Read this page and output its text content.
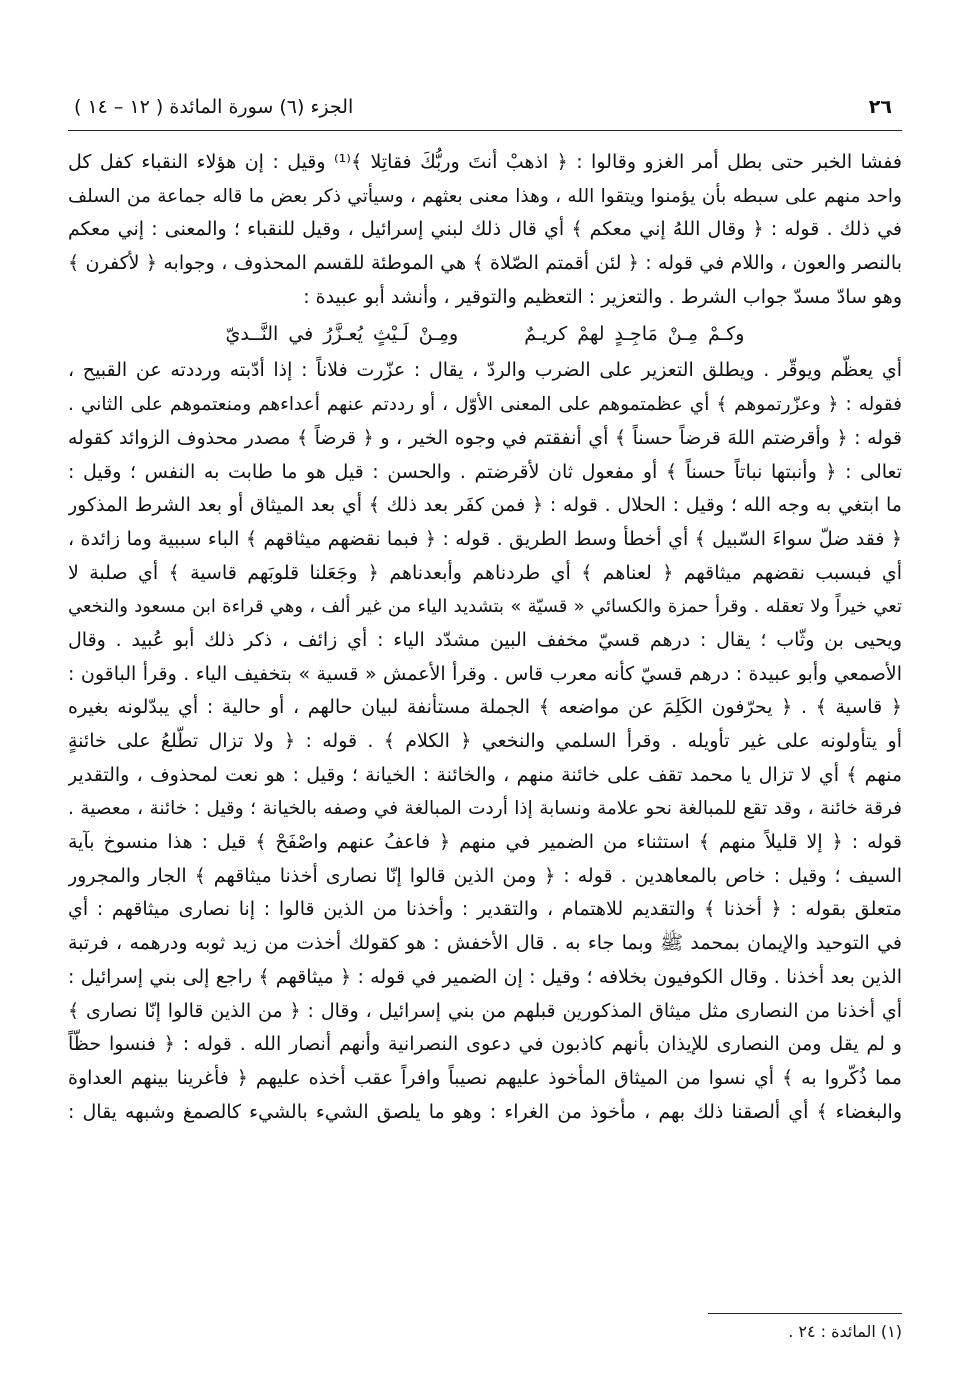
٢٦
الجزء (٦) سورة المائدة ( ١٢ – ١٤ )
ففشا الخبر حتى بطل أمر الغزو وقالوا : ﴿ اذهبْ أنتَ وربُّكَ فقاتِلا ﴾⁽¹⁾ وقيل : إن هؤلاء النقباء كفل كل
واحد منهم على سبطه بأن يؤمنوا ويتقوا الله ، وهذا معنى بعثهم ، وسيأتي ذكر بعض ما قاله جماعة من السلف
في ذلك . قوله : ﴿ وقال اللهُ إني معكم ﴾ أي قال ذلك لبني إسرائيل ، وقيل للنقباء ؛ والمعنى : إني معكم
بالنصر والعون ، واللام في قوله : ﴿ لئن أقمتم الصّلاة ﴾ هي الموطئة للقسم المحذوف ، وجوابه ﴿ لأكفرن ﴾
وهو سادّ مسدّ جواب الشرط . والتعزير : التعظيم والتوقير ، وأنشد أبو عبيدة :
وكـمْ مِـنْ مَاجِـدٍ لهمْ كريـمٌ ومِـنْ لَـيْثٍ يُعـزَّرُ في النَّــديّ
أي يعظّم ويوقّر . ويطلق التعزير على الضرب والردّ ، يقال : عزّرت فلاناً : إذا أدّبته ورددته عن القبيح ،
فقوله : ﴿ وعزّرتموهم ﴾ أي عظمتموهم على المعنى الأوّل ، أو رددتم عنهم أعداءهم ومنعتموهم على الثاني .
قوله : ﴿ وأقرضتم اللهَ قرضاً حسناً ﴾ أي أنفقتم في وجوه الخير ، و ﴿ قرضاً ﴾ مصدر محذوف الزوائد كقوله
تعالى : ﴿ وأنبتها نباتاً حسناً ﴾ أو مفعول ثان لأقرضتم . والحسن : قيل هو ما طابت به النفس ؛ وقيل :
ما ابتغي به وجه الله ؛ وقيل : الحلال . قوله : ﴿ فمن كفَر بعد ذلك ﴾ أي بعد الميثاق أو بعد الشرط المذكور
﴿ فقد ضلّ سواءَ السّبيل ﴾ أي أخطأ وسط الطريق . قوله : ﴿ فبما نقضهم ميثاقهم ﴾ الباء سببية وما زائدة ،
أي فبسبب نقضهم ميثاقهم ﴿ لعناهم ﴾ أي طردناهم وأبعدناهم ﴿ وجَعَلنا قلوبَهم قاسية ﴾ أي صلبة لا
تعي خيراً ولا تعقله . وقرأ حمزة والكسائي « قسيّة » بتشديد الياء من غير ألف ، وهي قراءة ابن مسعود والنخعي
ويحيى بن وثّاب ؛ يقال : درهم قسيّ مخفف البين مشدّد الياء : أي زائف ، ذكر ذلك أبو عُبيد . وقال
الأصمعي وأبو عبيدة : درهم قسيّ كأنه معرب قاس . وقرأ الأعمش « قسية » بتخفيف الياء . وقرأ الباقون :
﴿ قاسية ﴾ . ﴿ يحرّفون الكَلِمَ عن مواضعه ﴾ الجملة مستأنفة لبيان حالهم ، أو حالية : أي يبدّلونه بغيره
أو يتأولونه على غير تأويله . وقرأ السلمي والنخعي ﴿ الكلام ﴾ . قوله : ﴿ ولا تزال تطّلعُ على خائنةٍ
منهم ﴾ أي لا تزال يا محمد تقف على خائنة منهم ، والخائنة : الخيانة ؛ وقيل : هو نعت لمحذوف ، والتقدير
فرقة خائنة ، وقد تقع للمبالغة نحو علامة ونسابة إذا أردت المبالغة في وصفه بالخيانة ؛ وقيل : خائنة ، معصية .
قوله : ﴿ إلا قليلاً منهم ﴾ استثناء من الضمير في منهم ﴿ فاعفُ عنهم واصْفَحْ ﴾ قيل : هذا منسوخ بآية
السيف ؛ وقيل : خاص بالمعاهدين . قوله : ﴿ ومن الذين قالوا إنّا نصارى أخذنا ميثاقهم ﴾ الجار والمجرور
متعلق بقوله : ﴿ أخذنا ﴾ والتقديم للاهتمام ، والتقدير : وأخذنا من الذين قالوا : إنا نصارى ميثاقهم : أي
في التوحيد والإيمان بمحمد ﷺ وبما جاء به . قال الأخفش : هو كقولك أخذت من زيد ثوبه ودرهمه ، فرتبة
الذين بعد أخذنا . وقال الكوفيون بخلافه ؛ وقيل : إن الضمير في قوله : ﴿ ميثاقهم ﴾ راجع إلى بني إسرائيل :
أي أخذنا من النصارى مثل ميثاق المذكورين قبلهم من بني إسرائيل ، وقال : ﴿ من الذين قالوا إنّا نصارى ﴾
و لم يقل ومن النصارى للإيذان بأنهم كاذبون في دعوى النصرانية وأنهم أنصار الله . قوله : ﴿ فنسوا حظّاً
مما ذُكّروا به ﴾ أي نسوا من الميثاق المأخوذ عليهم نصيباً وافراً عقب أخذه عليهم ﴿ فأغرينا بينهم العداوة
والبغضاء ﴾ أي ألصقنا ذلك بهم ، مأخوذ من الغراء : وهو ما يلصق الشيء بالشيء كالصمغ وشبهه يقال :
(١) المائدة : ٢٤ .
